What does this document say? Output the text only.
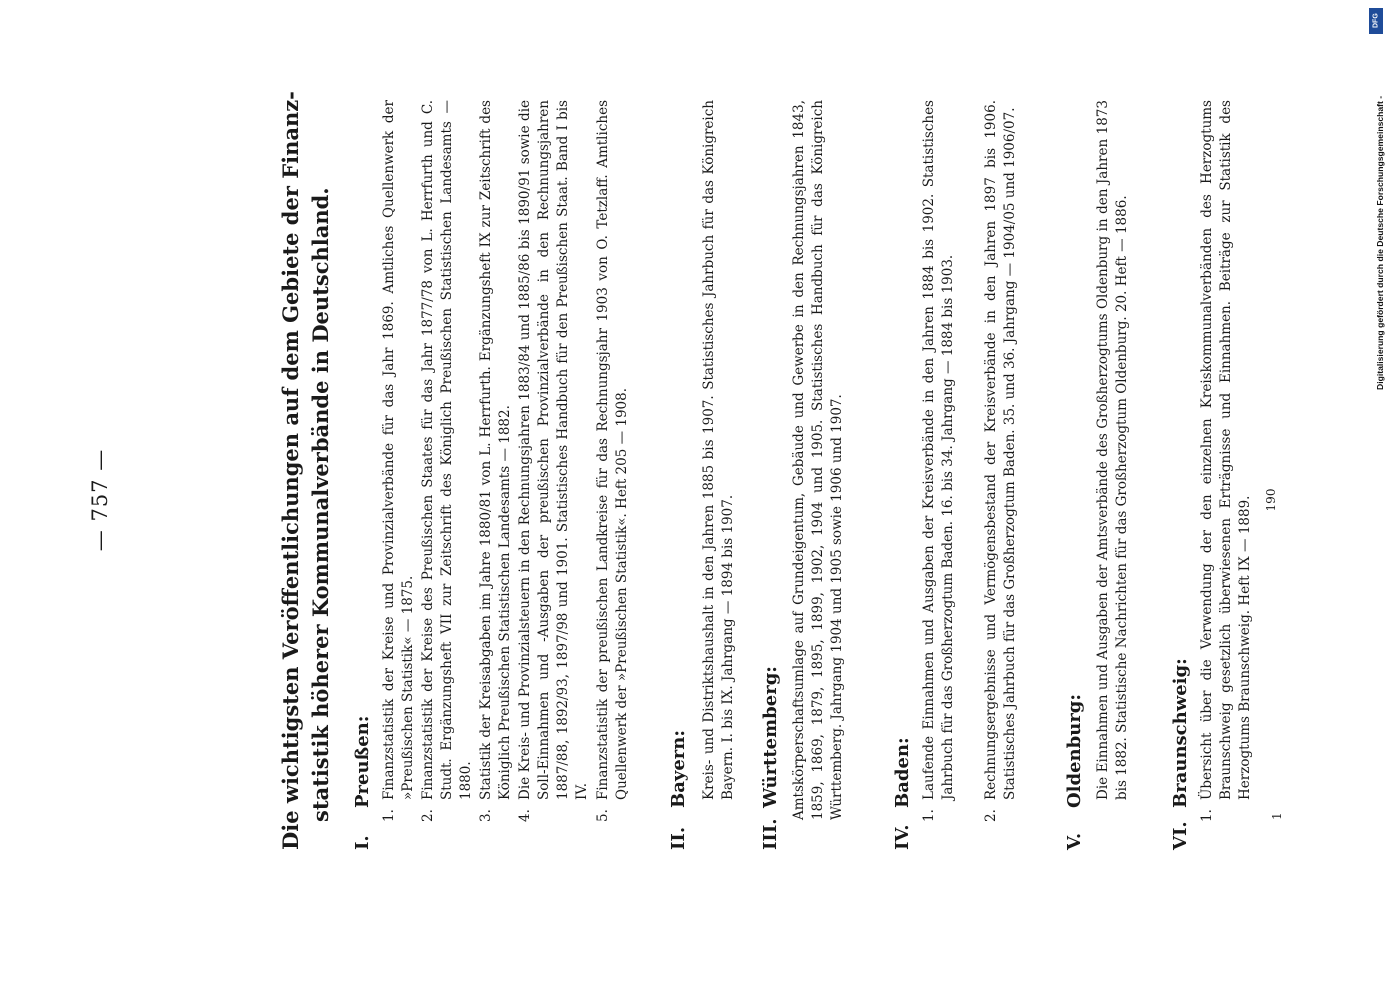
Digitalisierung gefördert durch die Deutsche Forschungsgemeinschaft -
DFG
— 757 —	Die wichtigsten Veröffentlichungen auf dem Gebiete der Finanz- statistik höherer Kommunalverbände in Deutschland.
I.Preußen:
1.
Finanzstatistik der Kreise und Provinzialverbände für das Jahr 1869. Amtliches Quellenwerk der »Preußischen Statistik« — 1875.
2.
Finanzstatistik der Kreise des Preußischen Staates für das Jahr 1877/78 von L. Herrfurth und C. Studt. Ergänzungsheft VII zur Zeitschrift des Königlich Preußischen Statistischen Landesamts — 1880.
3.
Statistik der Kreisabgaben im Jahre 1880/81 von L. Herrfurth. Ergänzungsheft IX zur Zeitschrift des Königlich Preußischen Statistischen Landesamts — 1882.
4.
Die Kreis- und Provinzialsteuern in den Rechnungsjahren 1883/84 und 1885/86 bis 1890/91 sowie die Soll-Einnahmen und -Ausgaben der preußischen Provinzialverbände in den Rechnungsjahren 1887/88, 1892/93, 1897/98 und 1901. Statistisches Handbuch für den Preußischen Staat. Band I bis IV.
5.
Finanzstatistik der preußischen Landkreise für das Rechnungsjahr 1903 von O. Tetzlaff. Amtliches Quellenwerk der »Preußischen Statistik«. Heft 205 — 1908.
II.Bayern: Kreis- und Distriktshaushalt in den Jahren 1885 bis 1907. Statistisches Jahrbuch für das Königreich Bayern. I. bis IX. Jahrgang — 1894 bis 1907.
III.Württemberg: Amtskörperschaftsumlage auf Grundeigentum, Gebäude und Gewerbe in den Rechnungsjahren 1843, 1859, 1869, 1879, 1895, 1899, 1902, 1904 und 1905. Statistisches Handbuch für das Königreich Württemberg. Jahrgang 1904 und 1905 sowie 1906 und 1907.
IV.Baden:
1.
Laufende Einnahmen und Ausgaben der Kreisverbände in den Jahren 1884 bis 1902. Statistisches Jahrbuch für das Großherzogtum Baden. 16. bis 34. Jahrgang — 1884 bis 1903.
2.
Rechnungsergebnisse und Vermögensbestand der Kreisverbände in den Jahren 1897 bis 1906. Statistisches Jahrbuch für das Großherzogtum Baden. 35. und 36. Jahrgang — 1904/05 und 1906/07.
V.Oldenburg: Die Einnahmen und Ausgaben der Amtsverbände des Großherzogtums Oldenburg in den Jahren 1873 bis 1882. Statistische Nachrichten für das Großherzogtum Oldenburg. 20. Heft — 1886.
VI.Braunschweig:
1.
Übersicht über die Verwendung der den einzelnen Kreiskommunalverbänden des Herzogtums Braunschweig gesetzlich überwiesenen Erträgnisse und Einnahmen. Beiträge zur Statistik des Herzogtums Braunschweig. Heft IX — 1889.
1
190
